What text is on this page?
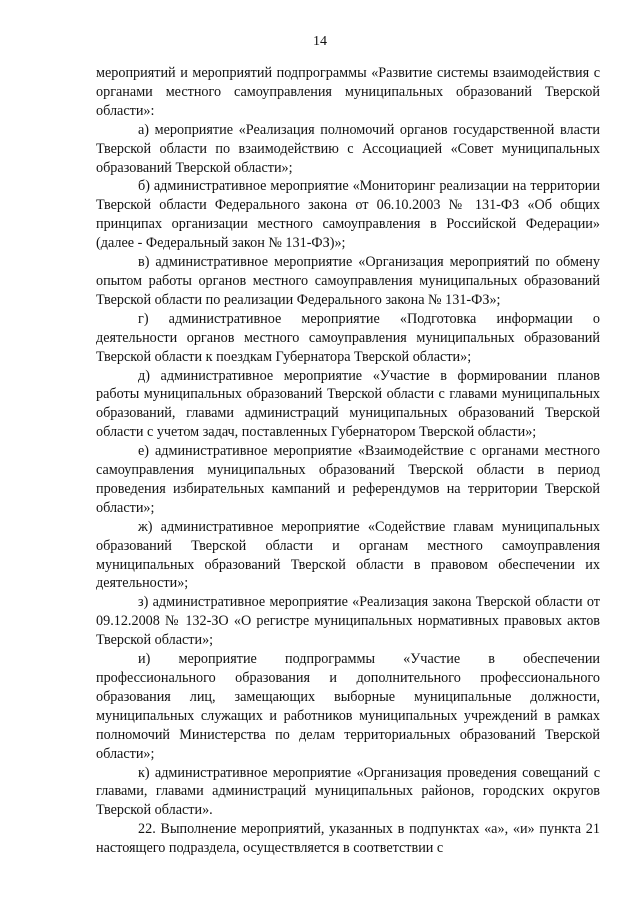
14

мероприятий и мероприятий подпрограммы «Развитие системы взаимодействия с органами местного самоуправления муниципальных образований Тверской области»:

а) мероприятие «Реализация полномочий органов государственной власти Тверской области по взаимодействию с Ассоциацией «Совет муниципальных образований Тверской области»;

б) административное мероприятие «Мониторинг реализации на территории Тверской области Федерального закона от 06.10.2003 № 131-ФЗ «Об общих принципах организации местного самоуправления в Российской Федерации» (далее - Федеральный закон № 131-ФЗ)»;

в) административное мероприятие «Организация мероприятий по обмену опытом работы органов местного самоуправления муниципальных образований Тверской области по реализации Федерального закона № 131-ФЗ»;

г) административное мероприятие «Подготовка информации о деятельности органов местного самоуправления муниципальных образований Тверской области к поездкам Губернатора Тверской области»;

д) административное мероприятие «Участие в формировании планов работы муниципальных образований Тверской области с главами муниципальных образований, главами администраций муниципальных образований Тверской области с учетом задач, поставленных Губернатором Тверской области»;

е) административное мероприятие «Взаимодействие с органами местного самоуправления муниципальных образований Тверской области в период проведения избирательных кампаний и референдумов на территории Тверской области»;

ж) административное мероприятие «Содействие главам муниципальных образований Тверской области и органам местного самоуправления муниципальных образований Тверской области в правовом обеспечении их деятельности»;

з) административное мероприятие «Реализация закона Тверской области от 09.12.2008 № 132-ЗО «О регистре муниципальных нормативных правовых актов Тверской области»;

и) мероприятие подпрограммы «Участие в обеспечении профессионального образования и дополнительного профессионального образования лиц, замещающих выборные муниципальные должности, муниципальных служащих и работников муниципальных учреждений в рамках полномочий Министерства по делам территориальных образований Тверской области»;

к) административное мероприятие «Организация проведения совещаний с главами, главами администраций муниципальных районов, городских округов Тверской области».

22. Выполнение мероприятий, указанных в подпунктах «а», «и» пункта 21 настоящего подраздела, осуществляется в соответствии с
